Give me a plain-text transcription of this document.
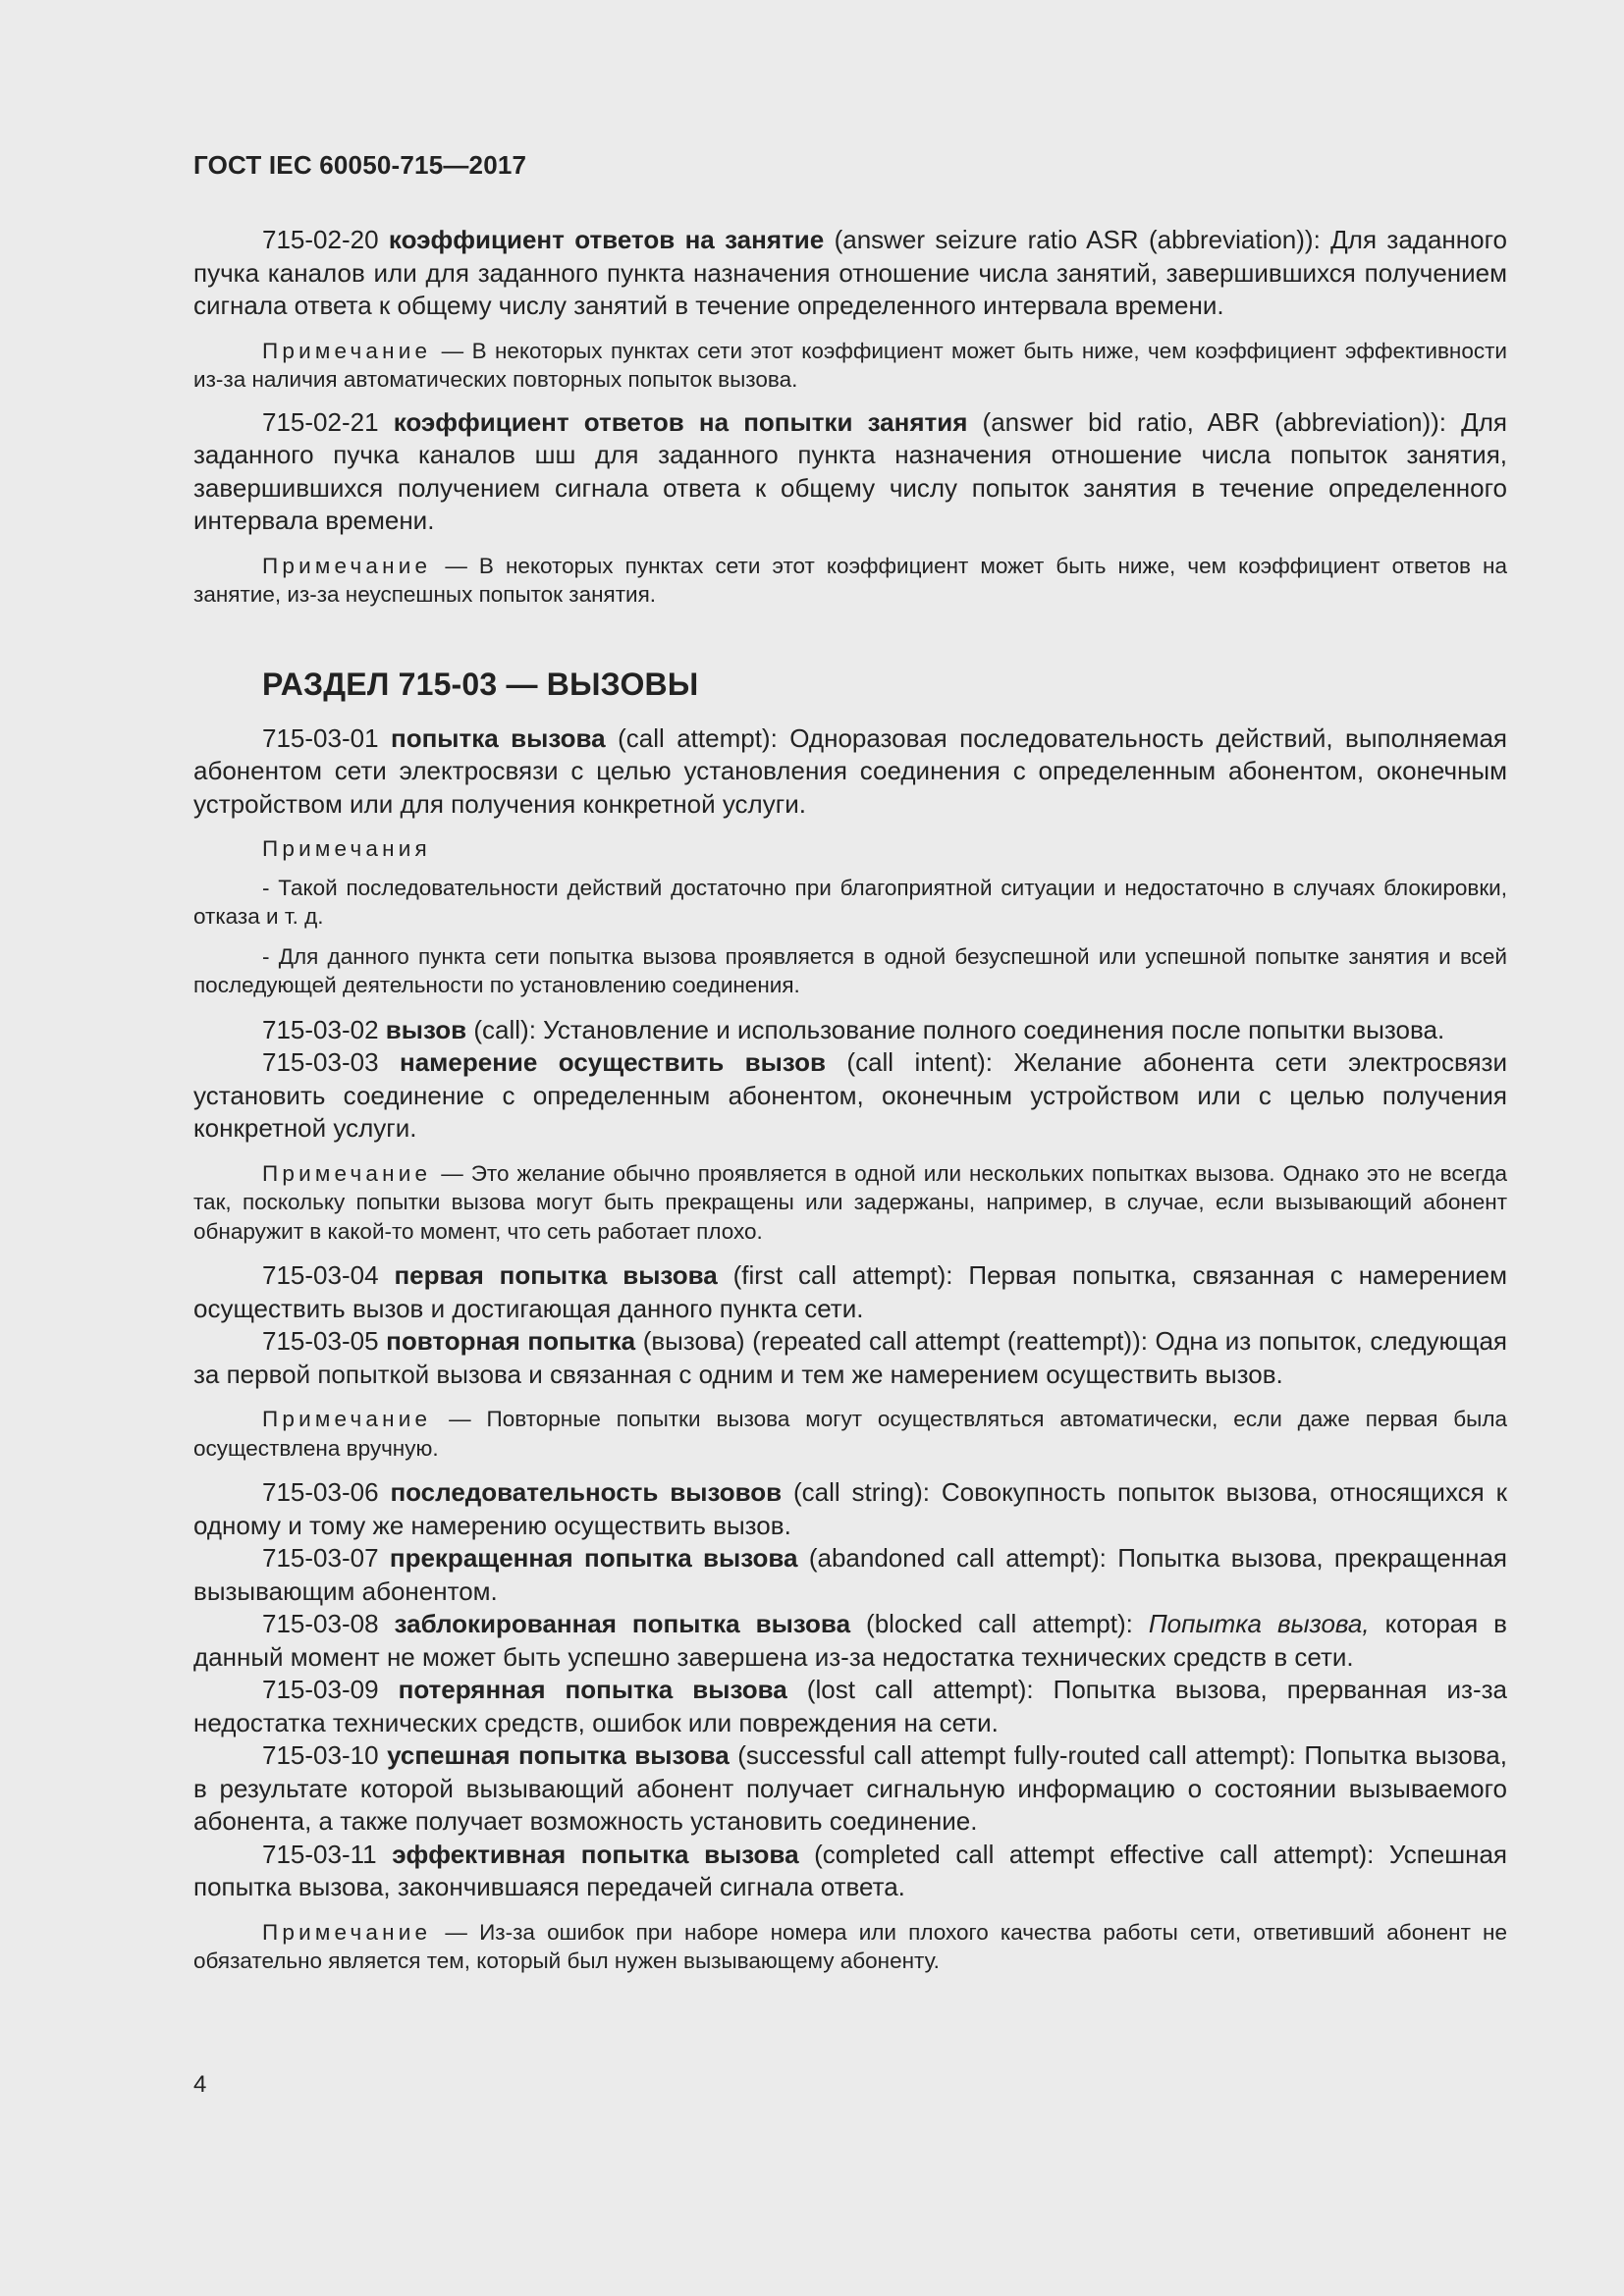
ГОСТ IEC 60050-715—2017

715-02-20 коэффициент ответов на занятие (answer seizure ratio ASR (abbreviation)): Для заданного пучка каналов или для заданного пункта назначения отношение числа занятий, завершившихся получением сигнала ответа к общему числу занятий в течение определенного интервала времени.

Примечание — В некоторых пунктах сети этот коэффициент может быть ниже, чем коэффициент эффективности из-за наличия автоматических повторных попыток вызова.

715-02-21 коэффициент ответов на попытки занятия (answer bid ratio, ABR (abbreviation)): Для заданного пучка каналов шш для заданного пункта назначения отношение числа попыток занятия, завершившихся получением сигнала ответа к общему числу попыток занятия в течение определенного интервала времени.

Примечание — В некоторых пунктах сети этот коэффициент может быть ниже, чем коэффициент ответов на занятие, из-за неуспешных попыток занятия.

РАЗДЕЛ 715-03 — ВЫЗОВЫ

715-03-01 попытка вызова (call attempt): Одноразовая последовательность действий, выполняемая абонентом сети электросвязи с целью установления соединения с определенным абонентом, оконечным устройством или для получения конкретной услуги.

Примечания

- Такой последовательности действий достаточно при благоприятной ситуации и недостаточно в случаях блокировки, отказа и т. д.

- Для данного пункта сети попытка вызова проявляется в одной безуспешной или успешной попытке занятия и всей последующей деятельности по установлению соединения.

715-03-02 вызов (call): Установление и использование полного соединения после попытки вызова.

715-03-03 намерение осуществить вызов (call intent): Желание абонента сети электросвязи установить соединение с определенным абонентом, оконечным устройством или с целью получения конкретной услуги.

Примечание — Это желание обычно проявляется в одной или нескольких попытках вызова. Однако это не всегда так, поскольку попытки вызова могут быть прекращены или задержаны, например, в случае, если вызывающий абонент обнаружит в какой-то момент, что сеть работает плохо.

715-03-04 первая попытка вызова (first call attempt): Первая попытка, связанная с намерением осуществить вызов и достигающая данного пункта сети.

715-03-05 повторная попытка (вызова) (repeated call attempt (reattempt)): Одна из попыток, следующая за первой попыткой вызова и связанная с одним и тем же намерением осуществить вызов.

Примечание — Повторные попытки вызова могут осуществляться автоматически, если даже первая была осуществлена вручную.

715-03-06 последовательность вызовов (call string): Совокупность попыток вызова, относящихся к одному и тому же намерению осуществить вызов.

715-03-07 прекращенная попытка вызова (abandoned call attempt): Попытка вызова, прекращенная вызывающим абонентом.

715-03-08 заблокированная попытка вызова (blocked call attempt): Попытка вызова, которая в данный момент не может быть успешно завершена из-за недостатка технических средств в сети.

715-03-09 потерянная попытка вызова (lost call attempt): Попытка вызова, прерванная из-за недостатка технических средств, ошибок или повреждения на сети.

715-03-10 успешная попытка вызова (successful call attempt fully-routed call attempt): Попытка вызова, в результате которой вызывающий абонент получает сигнальную информацию о состоянии вызываемого абонента, а также получает возможность установить соединение.

715-03-11 эффективная попытка вызова (completed call attempt effective call attempt): Успешная попытка вызова, закончившаяся передачей сигнала ответа.

Примечание — Из-за ошибок при наборе номера или плохого качества работы сети, ответивший абонент не обязательно является тем, который был нужен вызывающему абоненту.

4
